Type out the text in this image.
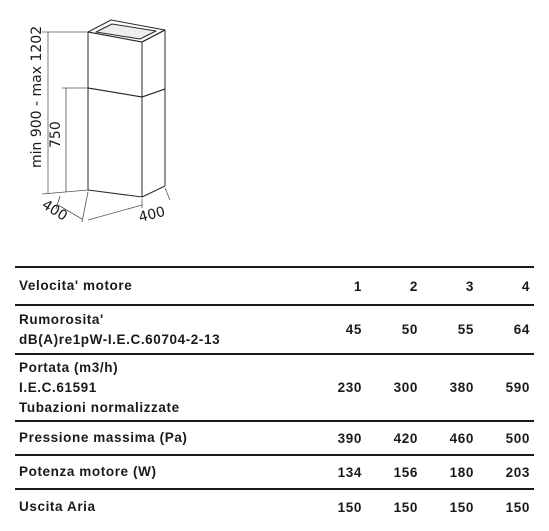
min 900 - max 1202 750
400	400
Velocita' motore	1	2	3	4
Rumorosita'
dB(A)re1pW-I.E.C.60704-2-13
45	50	55	64
Portata (m3/h)
I.E.C.61591
Tubazioni normalizzate
230	300	380	590
Pressione massima (Pa)	390	420	460	500
Potenza motore (W)	134	156	180	203
Uscita Aria	150	150	150	150
